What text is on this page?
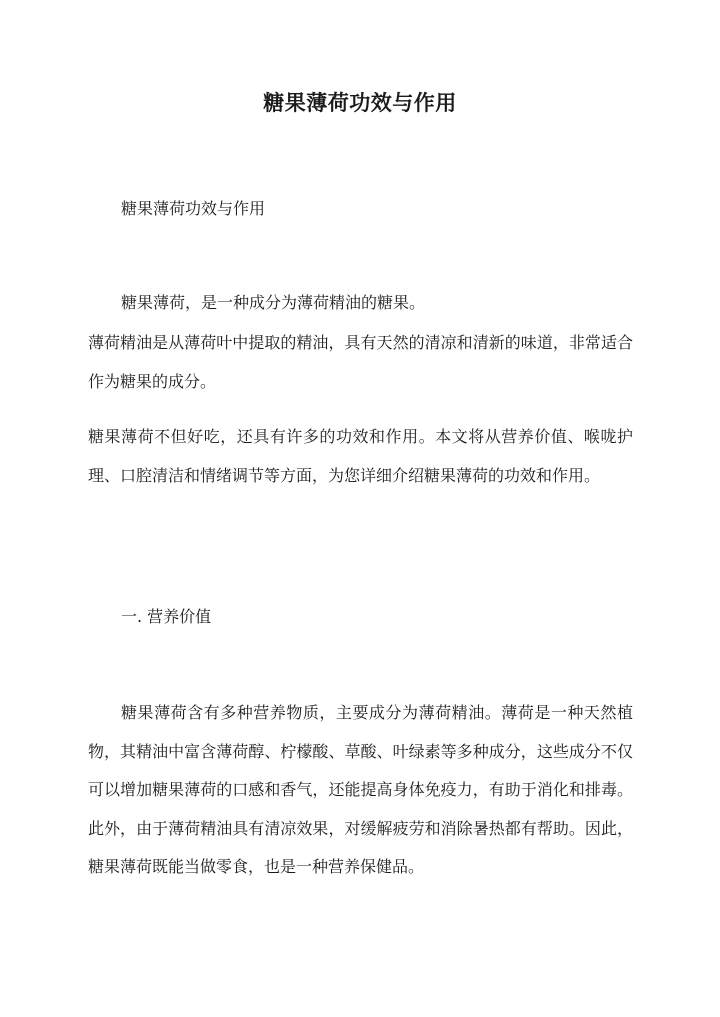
糖果薄荷功效与作用
糖果薄荷功效与作用
糖果薄荷，是一种成分为薄荷精油的糖果。
薄荷精油是从薄荷叶中提取的精油，具有天然的清凉和清新的味道，非常适合作为糖果的成分。
糖果薄荷不但好吃，还具有许多的功效和作用。本文将从营养价值、喉咙护理、口腔清洁和情绪调节等方面，为您详细介绍糖果薄荷的功效和作用。
一. 营养价值
糖果薄荷含有多种营养物质，主要成分为薄荷精油。薄荷是一种天然植物，其精油中富含薄荷醇、柠檬酸、草酸、叶绿素等多种成分，这些成分不仅可以增加糖果薄荷的口感和香气，还能提高身体免疫力，有助于消化和排毒。此外，由于薄荷精油具有清凉效果，对缓解疲劳和消除暑热都有帮助。因此，糖果薄荷既能当做零食，也是一种营养保健品。
